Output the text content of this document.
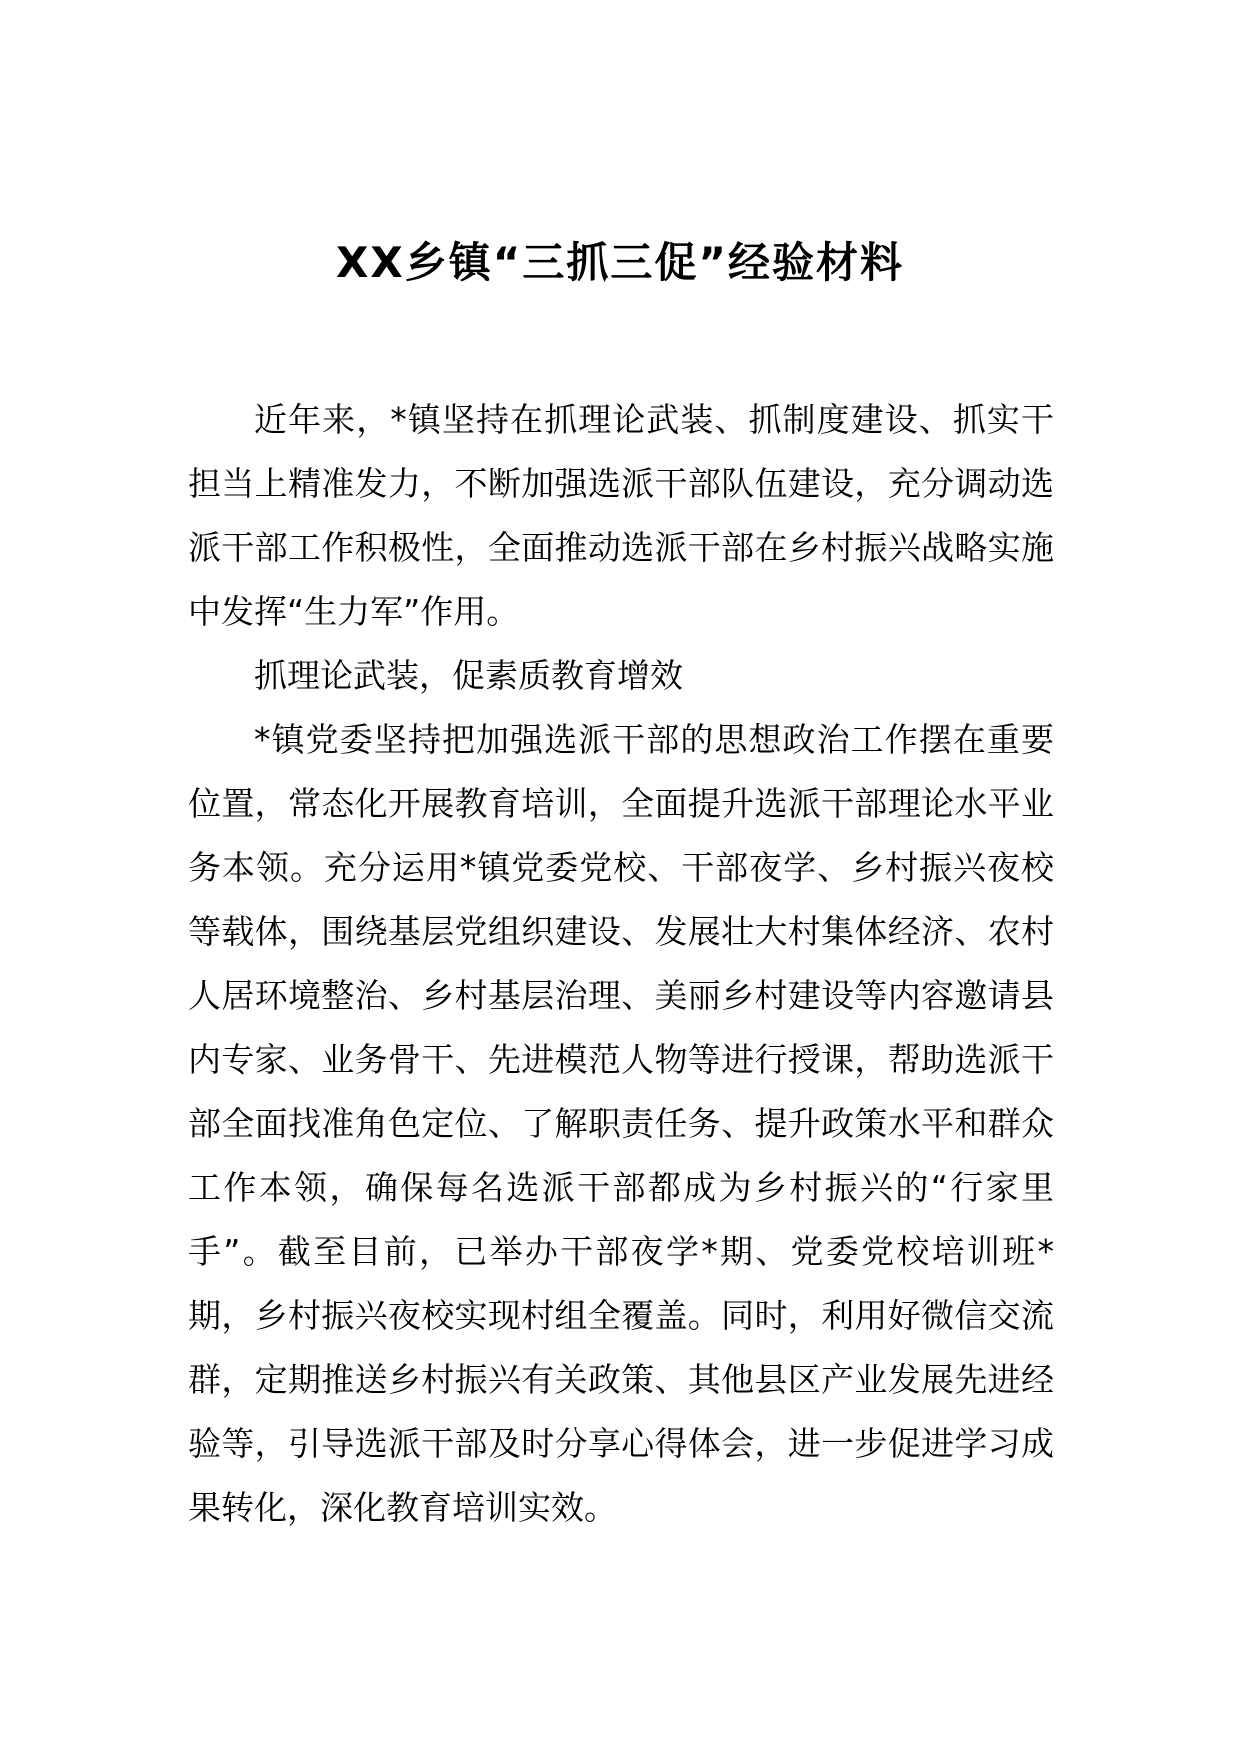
XX乡镇“三抓三促”经验材料

近年来，*镇坚持在抓理论武装、抓制度建设、抓实干担当上精准发力，不断加强选派干部队伍建设，充分调动选派干部工作积极性，全面推动选派干部在乡村振兴战略实施中发挥“生力军”作用。

抓理论武装，促素质教育增效

*镇党委坚持把加强选派干部的思想政治工作摆在重要位置，常态化开展教育培训，全面提升选派干部理论水平业务本领。充分运用*镇党委党校、干部夜学、乡村振兴夜校等载体，围绕基层党组织建设、发展壮大村集体经济、农村人居环境整治、乡村基层治理、美丽乡村建设等内容邀请县内专家、业务骨干、先进模范人物等进行授课，帮助选派干部全面找准角色定位、了解职责任务、提升政策水平和群众工作本领，确保每名选派干部都成为乡村振兴的“行家里手”。截至目前，已举办干部夜学*期、党委党校培训班*期，乡村振兴夜校实现村组全覆盖。同时，利用好微信交流群，定期推送乡村振兴有关政策、其他县区产业发展先进经验等，引导选派干部及时分享心得体会，进一步促进学习成果转化，深化教育培训实效。
